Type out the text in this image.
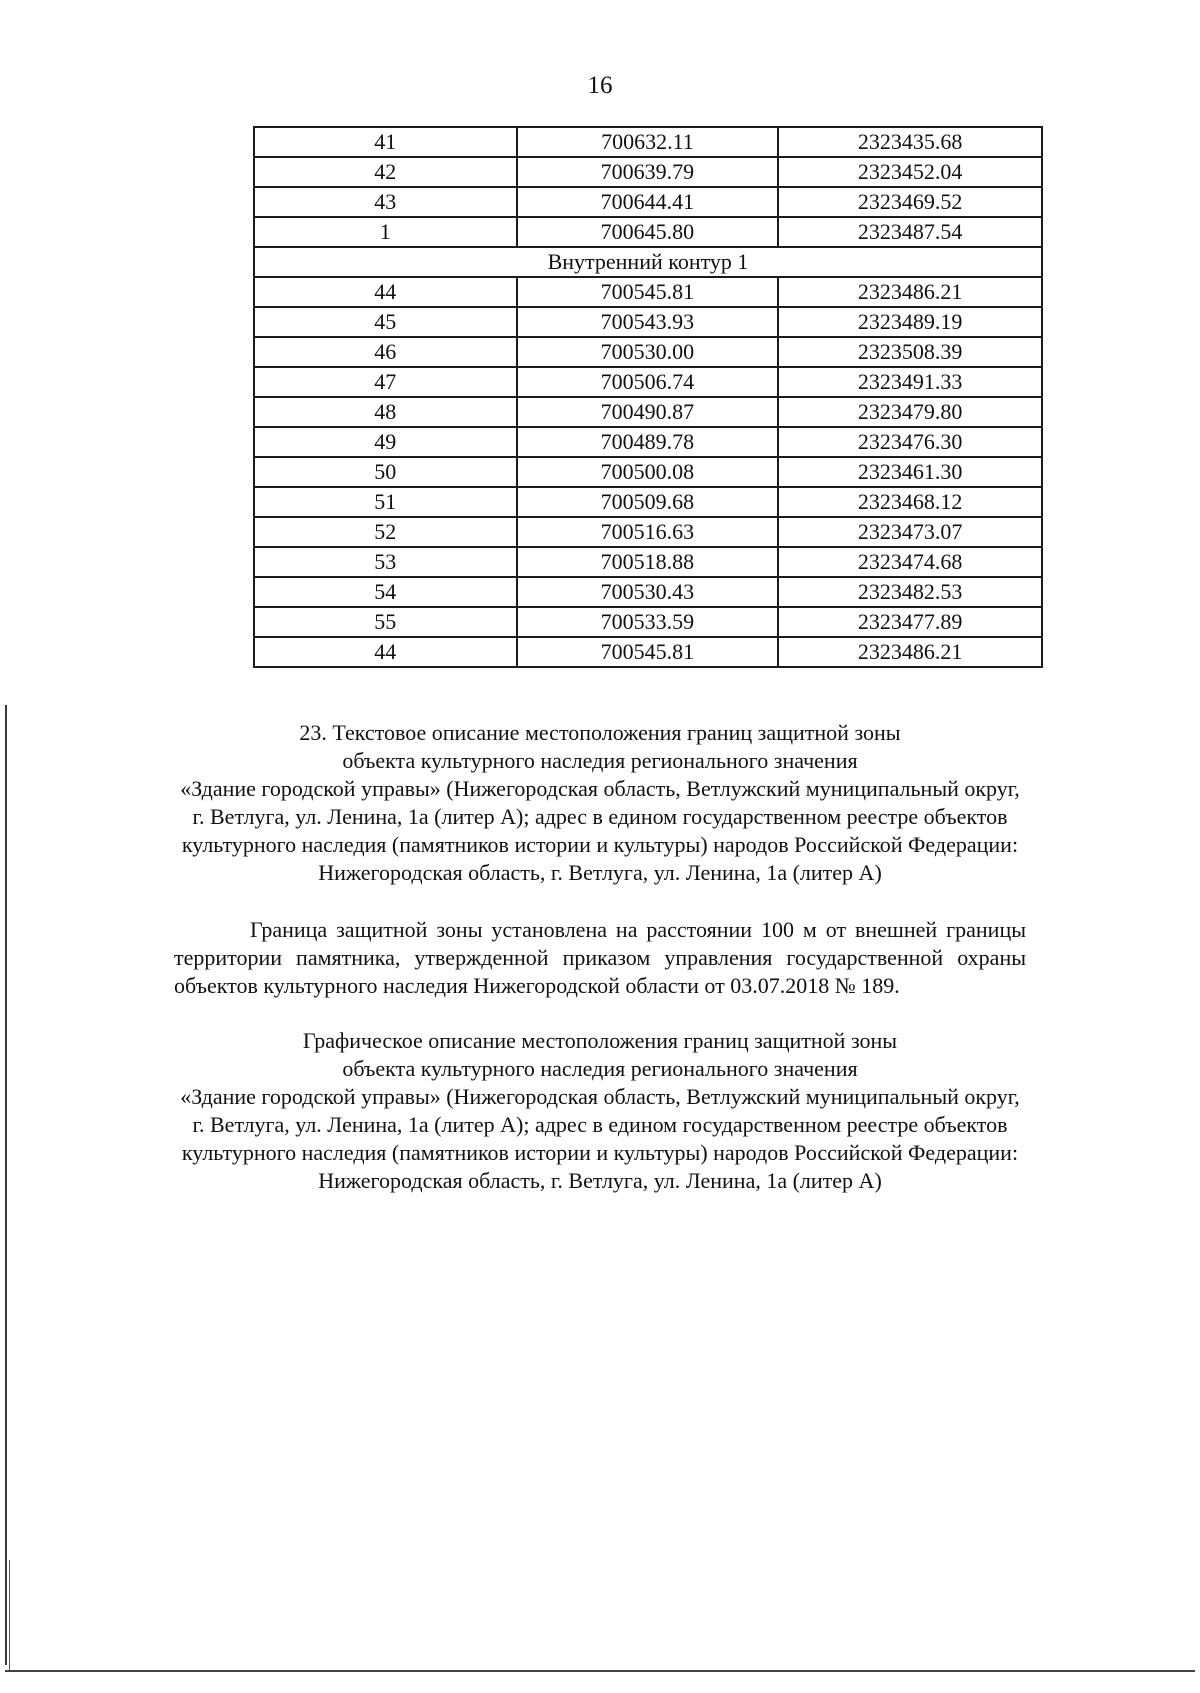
16
41	700632.11	2323435.68
42	700639.79	2323452.04
43	700644.41	2323469.52
1	700645.80	2323487.54
Внутренний контур 1		
44	700545.81	2323486.21
45	700543.93	2323489.19
46	700530.00	2323508.39
47	700506.74	2323491.33
48	700490.87	2323479.80
49	700489.78	2323476.30
50	700500.08	2323461.30
51	700509.68	2323468.12
52	700516.63	2323473.07
53	700518.88	2323474.68
54	700530.43	2323482.53
55	700533.59	2323477.89
44	700545.81	2323486.21
23. Текстовое описание местоположения границ защитной зоны
объекта культурного наследия регионального значения
«Здание городской управы» (Нижегородская область, Ветлужский муниципальный округ,
г. Ветлуга, ул. Ленина, 1а (литер А); адрес в едином государственном реестре объектов
культурного наследия (памятников истории и культуры) народов Российской Федерации:
Нижегородская область, г. Ветлуга, ул. Ленина, 1а (литер А)

Граница защитной зоны установлена на расстоянии 100 м от внешней границы территории памятника, утвержденной приказом управления государственной охраны объектов культурного наследия Нижегородской области от 03.07.2018 № 189.

Графическое описание местоположения границ защитной зоны
объекта культурного наследия регионального значения
«Здание городской управы» (Нижегородская область, Ветлужский муниципальный округ,
г. Ветлуга, ул. Ленина, 1а (литер А); адрес в едином государственном реестре объектов
культурного наследия (памятников истории и культуры) народов Российской Федерации:
Нижегородская область, г. Ветлуга, ул. Ленина, 1а (литер А)
